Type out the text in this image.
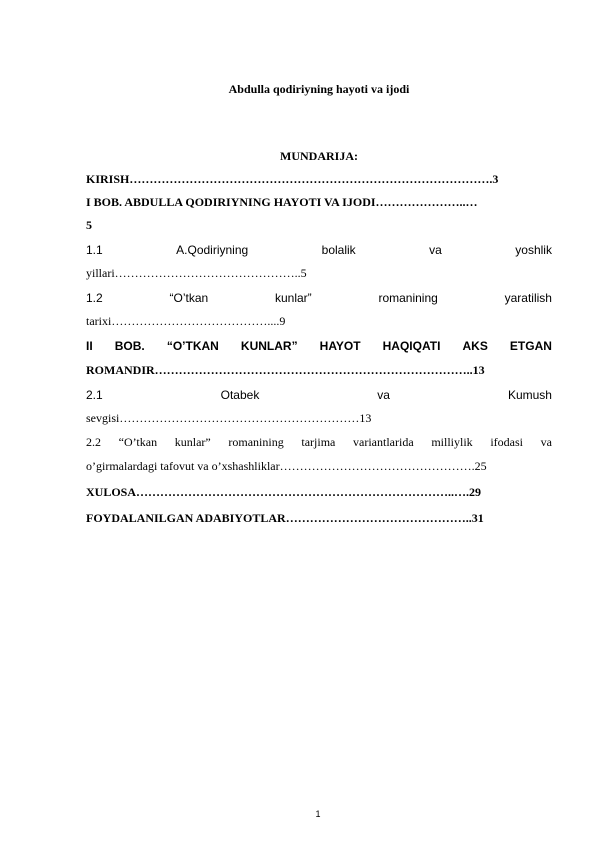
Abdulla qodiriyning hayoti va ijodi
MUNDARIJA:
KIRISH……………………………………………………………………………….3
I BOB. ABDULLA QODIRIYNING HAYOTI VA IJODI…………………..…
5
1.1	A.Qodiriyning	bolalik	va	yoshlik
yillari………………………………………..5
1.2	“O’tkan	kunlar”	romanining	yaratilish
tarixi…………………………………....9
II BOB. “O’TKAN KUNLAR” HAYOT HAQIQATI AKS ETGAN
ROMANDIR……………………………………………………………………..13
2.1	Otabek	va	Kumush
sevgisi……………………………………………………13
2.2 “O’tkan kunlar” romanining tarjima variantlarida milliylik ifodasi va
o’girmalardagi tafovut va o’xshashliklar………………………………………….25
XULOSA……………………………………………………………………..….29
FOYDALANILGAN ADABIYOTLAR………………………………………..31
1
